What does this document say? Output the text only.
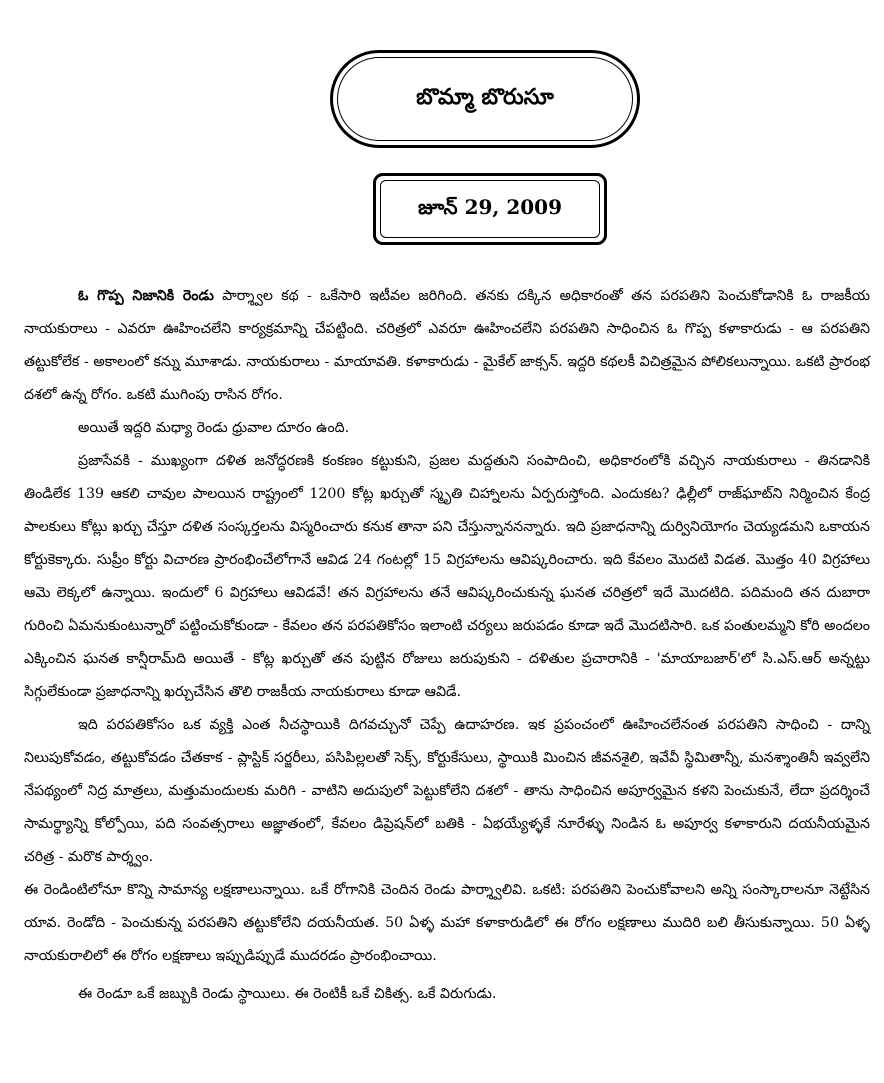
బొమ్మా బొరుసూ
జూన్ 29, 2009

ఓ గొప్ప నిజానికి రెండు పార్శ్వాల కథ - ఒకేసారి ఇటీవల జరిగింది. తనకు దక్కిన అధికారంతో తన పరపతిని పెంచుకోడానికి ఓ రాజకీయ నాయకురాలు - ఎవరూ ఊహించలేని కార్యక్రమాన్ని చేపట్టింది. చరిత్రలో ఎవరూ ఊహించలేని పరపతిని సాధించిన ఓ గొప్ప కళాకారుడు - ఆ పరపతిని తట్టుకోలేక - అకాలంలో కన్ను మూశాడు. నాయకురాలు - మాయావతి. కళాకారుడు - మైకేల్ జాక్సన్. ఇద్దరి కథలకీ విచిత్రమైన పోలికలున్నాయి. ఒకటి ప్రారంభ దశలో ఉన్న రోగం. ఒకటి ముగింపు రాసిన రోగం.

అయితే ఇద్దరి మధ్యా రెండు ధ్రువాల దూరం ఉంది.

ప్రజాసేవకి - ముఖ్యంగా దళిత జనోద్ధరణకి కంకణం కట్టుకుని, ప్రజల మద్దతుని సంపాదించి, అధికారంలోకి వచ్చిన నాయకురాలు - తినడానికి తిండిలేక 139 ఆకలి చావుల పాలయిన రాష్ట్రంలో 1200 కోట్ల ఖర్చుతో స్మృతి చిహ్నాలను ఏర్పరుస్తోంది. ఎందుకట? ఢిల్లీలో రాజ్‌ఘాట్‌ని నిర్మించిన కేంద్ర పాలకులు కోట్లు ఖర్చు చేస్తూ దళిత సంస్కర్తలను విస్మరించారు కనుక తానా పని చేస్తున్నాననన్నారు. ఇది ప్రజాధనాన్ని దుర్వినియోగం చెయ్యడమని ఒకాయన కోర్టుకెక్కారు. సుప్రీం కోర్టు విచారణ ప్రారంభించేలోగానే ఆవిడ 24 గంటల్లో 15 విగ్రహాలను ఆవిష్కరించారు. ఇది కేవలం మొదటి విడత. మొత్తం 40 విగ్రహాలు ఆమె లెక్కలో ఉన్నాయి. ఇందులో 6 విగ్రహాలు ఆవిడవే! తన విగ్రహాలను తనే ఆవిష్కరించుకున్న ఘనత చరిత్రలో ఇదే మొదటిది. పదిమంది తన దుబారా గురించి ఏమనుకుంటున్నారో పట్టించుకోకుండా - కేవలం తన పరపతికోసం ఇలాంటి చర్యలు జరుపడం కూడా ఇదే మొదటిసారి. ఒక పంతులమ్మని కోరి అందలం ఎక్కించిన ఘనత కాన్షీరామ్‌ది అయితే - కోట్ల ఖర్చుతో తన పుట్టిన రోజులు జరుపుకుని - దళితుల ప్రచారానికి - 'మాయాబజార్'లో సి.ఎస్.ఆర్ అన్నట్టు సిగ్గులేకుండా ప్రజాధనాన్ని ఖర్చుచేసిన తొలి రాజకీయ నాయకురాలు కూడా ఆవిడే.

ఇది పరపతికోసం ఒక వ్యక్తి ఎంత నీచస్థాయికి దిగవచ్చునో చెప్పే ఉదాహరణ. ఇక ప్రపంచంలో ఊహించలేనంత పరపతిని సాధించి - దాన్ని నిలుపుకోవడం, తట్టుకోవడం చేతకాక - ప్లాస్టిక్ సర్జరీలు, పసిపిల్లలతో సెక్స్, కోర్టుకేసులు, స్థాయికి మించిన జీవనశైలి, ఇవేవీ స్థిమితాన్నీ, మనశ్శాంతినీ ఇవ్వలేని నేపథ్యంలో నిద్ర మాత్రలు, మత్తుమందులకు మరిగి - వాటిని అదుపులో పెట్టుకోలేని దశలో - తాను సాధించిన అపూర్వమైన కళని పెంచుకునే, లేదా ప్రదర్శించే సామర్థ్యాన్ని కోల్పోయి, పది సంవత్సరాలు అజ్ఞాతంలో, కేవలం డిప్రెషన్‌లో బతికి - ఏభయ్యేళ్ళకే నూరేళ్ళు నిండిన ఓ అపూర్వ కళాకారుని దయనీయమైన చరిత్ర - మరొక పార్శ్వం.

ఈ రెండింటిలోనూ కొన్ని సామాన్య లక్షణాలున్నాయి. ఒకే రోగానికి చెందిన రెండు పార్శ్వాలివి. ఒకటి: పరపతిని పెంచుకోవాలని అన్ని సంస్కారాలనూ నెట్టేసిన యావ. రెండోది - పెంచుకున్న పరపతిని తట్టుకోలేని దయనీయత. 50 ఏళ్ళ మహా కళాకారుడిలో ఈ రోగం లక్షణాలు ముదిరి బలి తీసుకున్నాయి. 50 ఏళ్ళ నాయకురాలిలో ఈ రోగం లక్షణాలు ఇప్పుడిప్పుడే ముదరడం ప్రారంభించాయి.

ఈ రెండూ ఒకే జబ్బుకి రెండు స్థాయిలు. ఈ రెంటికీ ఒకే చికిత్స. ఒకే విరుగుడు.
